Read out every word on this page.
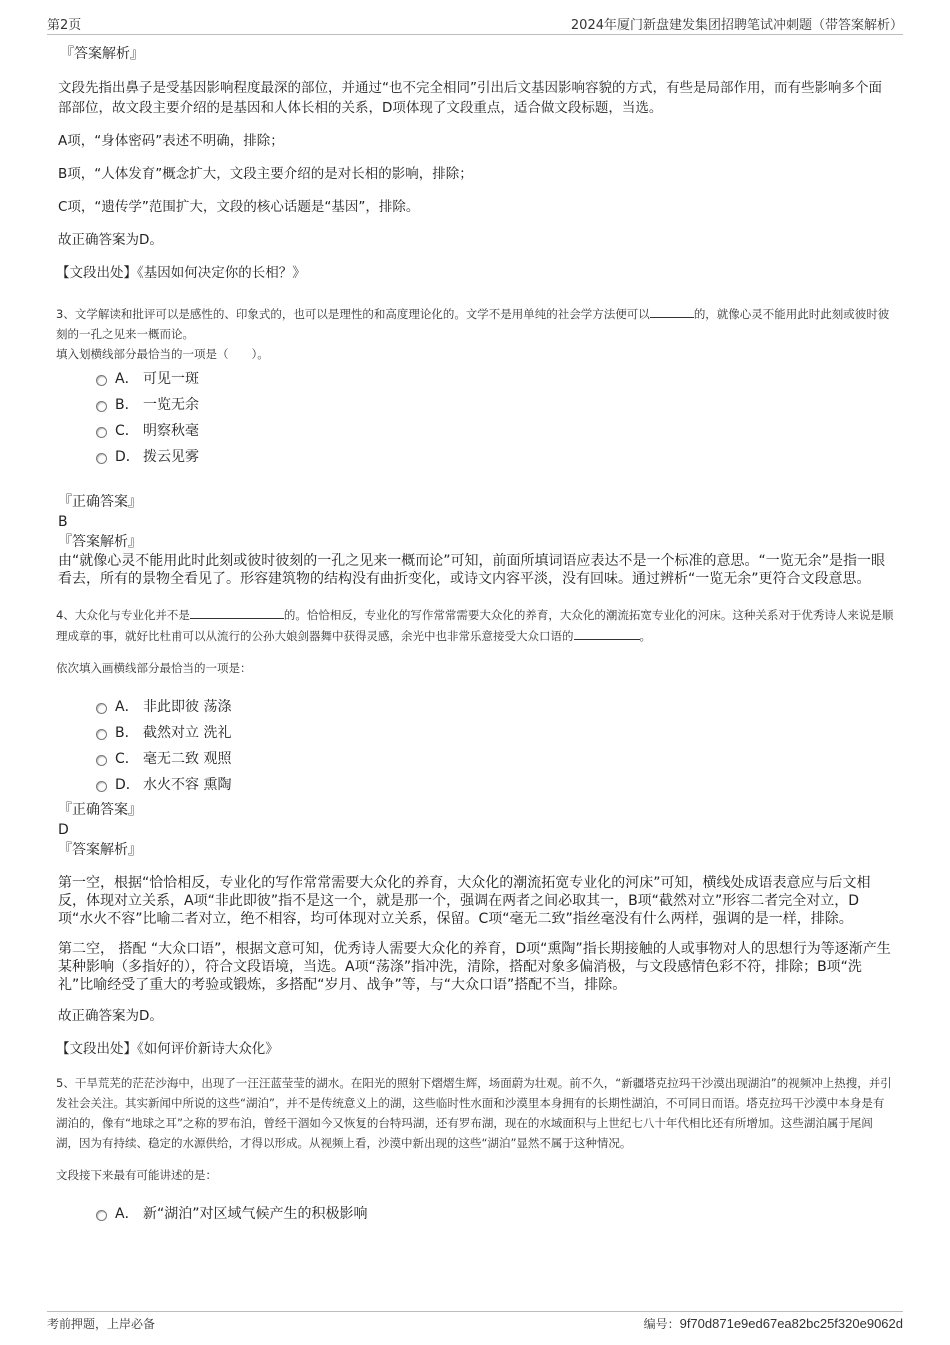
第2页	2024年厦门新盘建发集团招聘笔试冲刺题（带答案解析）
『答案解析』

文段先指出鼻子是受基因影响程度最深的部位，并通过“也不完全相同”引出后文基因影响容貌的方式，有些是局部作用，而有些影响多个面部部位，故文段主要介绍的是基因和人体长相的关系，D项体现了文段重点，适合做文段标题，当选。

A项，“身体密码”表述不明确，排除；

B项，“人体发育”概念扩大，文段主要介绍的是对长相的影响，排除；

C项，“遗传学”范围扩大，文段的核心话题是“基因”，排除。

故正确答案为D。

【文段出处】《基因如何决定你的长相？》

3、文学解读和批评可以是感性的、印象式的，也可以是理性的和高度理论化的。文学不是用单纯的社会学方法便可以	的，就像心灵不能用此时此刻或彼时彼刻的一孔之见来一概而论。

填入划横线部分最恰当的一项是（　　）。

A． 可见一斑
B． 一览无余
C． 明察秋毫
D． 拨云见雾
『正确答案』
B
『答案解析』

由“就像心灵不能用此时此刻或彼时彼刻的一孔之见来一概而论”可知，前面所填词语应表达不是一个标准的意思。“一览无余”是指一眼看去，所有的景物全看见了。形容建筑物的结构没有曲折变化，或诗文内容平淡，没有回味。通过辨析“一览无余”更符合文段意思。

4、大众化与专业化并不是	的。恰恰相反，专业化的写作常常需要大众化的养育，大众化的潮流拓宽专业化的河床。这种关系对于优秀诗人来说是顺理成章的事，就好比杜甫可以从流行的公孙大娘剑器舞中获得灵感，余光中也非常乐意接受大众口语的	。

依次填入画横线部分最恰当的一项是：

A． 非此即彼 荡涤
B． 截然对立 洗礼
C． 毫无二致 观照
D． 水火不容 熏陶
『正确答案』
D
『答案解析』

第一空，根据“恰恰相反，专业化的写作常常需要大众化的养育，大众化的潮流拓宽专业化的河床”可知，横线处成语表意应与后文相反，体现对立关系，A项“非此即彼”指不是这一个，就是那一个，强调在两者之间必取其一，B项“截然对立”形容二者完全对立，D项“水火不容”比喻二者对立，绝不相容，均可体现对立关系，保留。C项“毫无二致”指丝毫没有什么两样，强调的是一样，排除。

第二空， 搭配 “大众口语”，根据文意可知，优秀诗人需要大众化的养育，D项“熏陶”指长期接触的人或事物对人的思想行为等逐渐产生某种影响（多指好的），符合文段语境，当选。A项“荡涤”指冲洗，清除，搭配对象多偏消极，与文段感情色彩不符，排除；B项“洗礼”比喻经受了重大的考验或锻炼，多搭配“岁月、战争”等，与“大众口语”搭配不当，排除。

故正确答案为D。

【文段出处】《如何评价新诗大众化》

5、干旱荒芜的茫茫沙海中，出现了一汪汪蓝莹莹的湖水。在阳光的照射下熠熠生辉，场面蔚为壮观。前不久，“新疆塔克拉玛干沙漠出现湖泊”的视频冲上热搜，并引发社会关注。其实新闻中所说的这些“湖泊”，并不是传统意义上的湖，这些临时性水面和沙漠里本身拥有的长期性湖泊，不可同日而语。塔克拉玛干沙漠中本身是有湖泊的，像有“地球之耳”之称的罗布泊，曾经干涸如今又恢复的台特玛湖，还有罗布湖，现在的水域面积与上世纪七八十年代相比还有所增加。这些湖泊属于尾闾湖，因为有持续、稳定的水源供给，才得以形成。从视频上看，沙漠中新出现的这些“湖泊”显然不属于这种情况。

文段接下来最有可能讲述的是：

A． 新“湖泊”对区域气候产生的积极影响
考前押题，上岸必备	编号：9f70d871e9ed67ea82bc25f320e9062d
